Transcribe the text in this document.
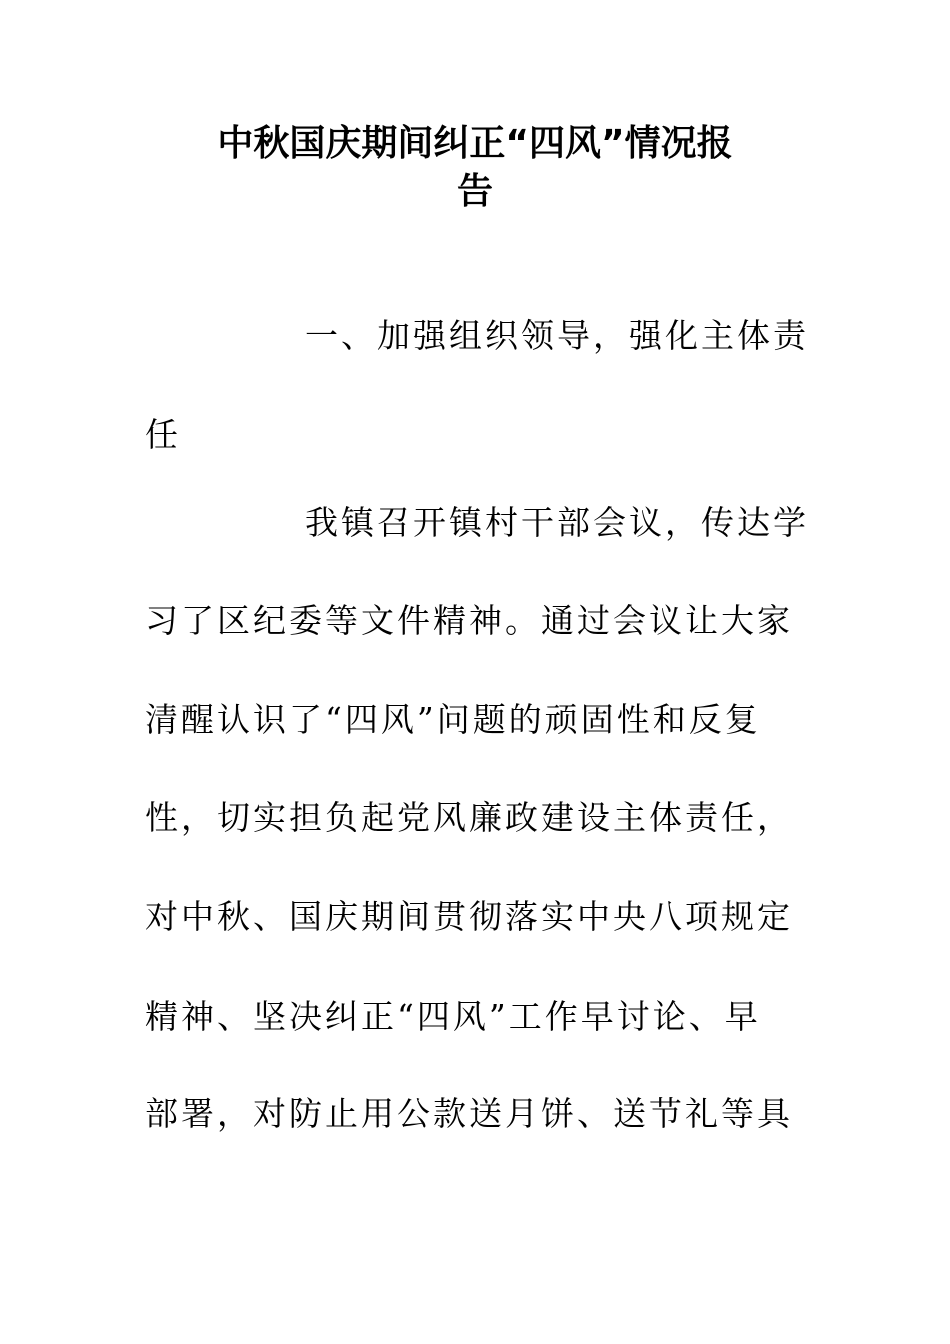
中秋国庆期间纠正“四风”情况报
告
一、加强组织领导，强化主体责
任
我镇召开镇村干部会议，传达学
习了区纪委等文件精神。通过会议让大家
清醒认识了“四风”问题的顽固性和反复
性，切实担负起党风廉政建设主体责任，
对中秋、国庆期间贯彻落实中央八项规定
精神、坚决纠正“四风”工作早讨论、早
部署，对防止用公款送月饼、送节礼等具
